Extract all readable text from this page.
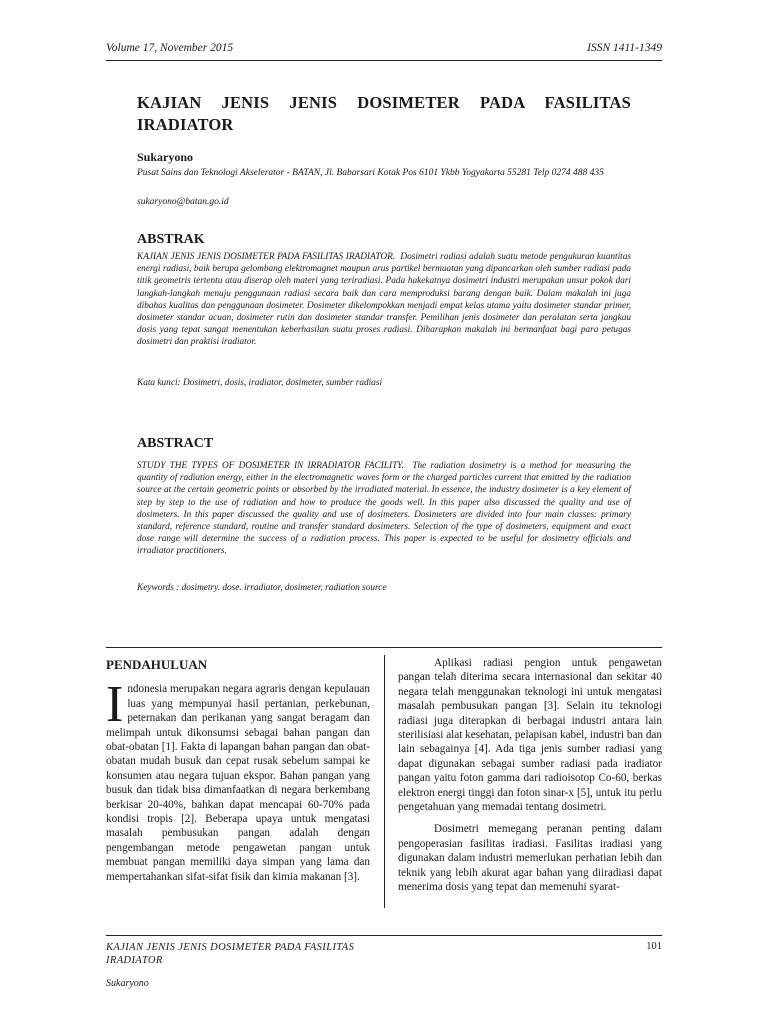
Volume 17, November 2015	ISSN 1411-1349
KAJIAN JENIS JENIS DOSIMETER PADA FASILITAS IRADIATOR
Sukaryono
Pusat Sains dan Teknologi Akselerator - BATAN, Jl. Babarsari Kotak Pos 6101 Ykbb Yogyakarta 55281 Telp 0274 488 435
sukaryono@batan.go.id
ABSTRAK
KAJIAN JENIS JENIS DOSIMETER PADA FASILITAS IRADIATOR. Dosimetri radiasi adalah suatu metode pengukuran kuantitas energi radiasi, baik berupa gelombang elektromagnet maupun arus partikel bermuatan yang dipancarkan oleh sumber radiasi pada titik geometris tertentu atau diserap oleh materi yang teriradiasi. Pada hakekatnya dosimetri industri merupakan unsur pokok dari langkah-langkah menuju penggunaan radiasi secara baik dan cara memproduksi barang dengan baik. Dalam makalah ini juga dibahas kualitas dan penggunaan dosimeter. Dosimeter dikelompokkan menjadi empat kelas utama yaitu dosimeter standar primer, dosimeter standar acuan, dosimeter rutin dan dosimeter standar transfer. Pemilihan jenis dosimeter dan peralatan serta jangkau dosis yang tepat sangat menentukan keberhasilan suatu proses radiasi. Diharapkan makalah ini bermanfaat bagi para petugas dosimetri dan praktisi iradiator.
Kata kunci: Dosimetri, dosis, iradiator, dosimeter, sumber radiasi
ABSTRACT
STUDY THE TYPES OF DOSIMETER IN IRRADIATOR FACILITY. The radiation dosimetry is a method for measuring the quantity of radiation energy, either in the electromagnetic waves form or the charged particles current that emitted by the radiation source at the certain geometric points or absorbed by the irradiated material. In essence, the industry dosimeter is a key element of step by step to the use of radiation and how to produce the goods well. In this paper also discussed the quality and use of dosimeters. In this paper discussed the quality and use of dosimeters. Dosimeters are divided into four main classes: primary standard, reference standard, routine and transfer standard dosimeters. Selection of the type of dosimeters, equipment and exact dose range will determine the success of a radiation process. This paper is expected to be useful for dosimetry officials and irradiator practitioners.
Keywords : dosimetry. dose. irradiator, dosimeter, radiation source
PENDAHULUAN

Indonesia merupakan negara agraris dengan kepulauan luas yang mempunyai hasil pertanian, perkebunan, peternakan dan perikanan yang sangat beragam dan melimpah untuk dikonsumsi sebagai bahan pangan dan obat-obatan [1]. Fakta di lapangan bahan pangan dan obat-obatan mudah busuk dan cepat rusak sebelum sampai ke konsumen atau negara tujuan ekspor. Bahan pangan yang busuk dan tidak bisa dimanfaatkan di negara berkembang berkisar 20-40%, bahkan dapat mencapai 60-70% pada kondisi tropis [2]. Beberapa upaya untuk mengatasi masalah pembusukan pangan adalah dengan pengembangan metode pengawetan pangan untuk membuat pangan memiliki daya simpan yang lama dan mempertahankan sifat-sifat fisik dan kimia makanan [3].

Aplikasi radiasi pengion untuk pengawetan pangan telah diterima secara internasional dan sekitar 40 negara telah menggunakan teknologi ini untuk mengatasi masalah pembusukan pangan [3]. Selain itu teknologi radiasi juga diterapkan di berbagai industri antara lain sterilisiasi alat kesehatan, pelapisan kabel, industri ban dan lain sebagainya [4]. Ada tiga jenis sumber radiasi yang dapat digunakan sebagai sumber radiasi pada iradiator pangan yaitu foton gamma dari radioisotop Co-60, berkas elektron energi tinggi dan foton sinar-x [5], untuk itu perlu pengetahuan yang memadai tentang dosimetri.

Dosimetri memegang peranan penting dalam pengoperasian fasilitas iradiasi. Fasilitas iradiasi yang digunakan dalam industri memerlukan perhatian lebih dan teknik yang lebih akurat agar bahan yang diiradiasi dapat menerima dosis yang tepat dan memenuhi syarat-

KAJIAN JENIS JENIS DOSIMETER PADA FASILITAS IRADIATOR
101
Sukaryono
